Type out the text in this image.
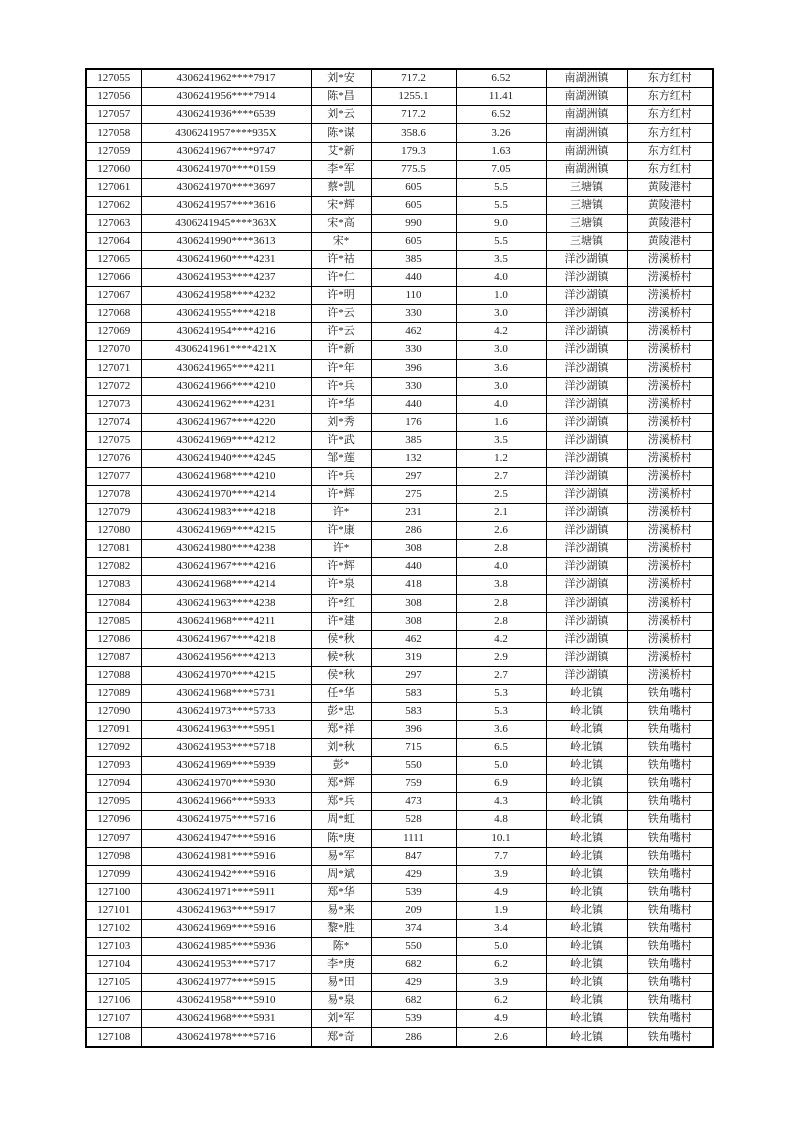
127055	4306241962****7917	刘*安	717.2	6.52	南湖洲镇	东方红村
127056	4306241956****7914	陈*昌	1255.1	11.41	南湖洲镇	东方红村
127057	4306241936****6539	刘*云	717.2	6.52	南湖洲镇	东方红村
127058	4306241957****935X	陈*谋	358.6	3.26	南湖洲镇	东方红村
127059	4306241967****9747	艾*新	179.3	1.63	南湖洲镇	东方红村
127060	4306241970****0159	李*军	775.5	7.05	南湖洲镇	东方红村
127061	4306241970****3697	蔡*凯	605	5.5	三塘镇	黄陵港村
127062	4306241957****3616	宋*辉	605	5.5	三塘镇	黄陵港村
127063	4306241945****363X	宋*高	990	9.0	三塘镇	黄陵港村
127064	4306241990****3613	宋*	605	5.5	三塘镇	黄陵港村
127065	4306241960****4231	许*祜	385	3.5	洋沙湖镇	涝溪桥村
127066	4306241953****4237	许*仁	440	4.0	洋沙湖镇	涝溪桥村
127067	4306241958****4232	许*明	110	1.0	洋沙湖镇	涝溪桥村
127068	4306241955****4218	许*云	330	3.0	洋沙湖镇	涝溪桥村
127069	4306241954****4216	许*云	462	4.2	洋沙湖镇	涝溪桥村
127070	4306241961****421X	许*新	330	3.0	洋沙湖镇	涝溪桥村
127071	4306241965****4211	许*年	396	3.6	洋沙湖镇	涝溪桥村
127072	4306241966****4210	许*兵	330	3.0	洋沙湖镇	涝溪桥村
127073	4306241962****4231	许*华	440	4.0	洋沙湖镇	涝溪桥村
127074	4306241967****4220	刘*秀	176	1.6	洋沙湖镇	涝溪桥村
127075	4306241969****4212	许*武	385	3.5	洋沙湖镇	涝溪桥村
127076	4306241940****4245	邹*莲	132	1.2	洋沙湖镇	涝溪桥村
127077	4306241968****4210	许*兵	297	2.7	洋沙湖镇	涝溪桥村
127078	4306241970****4214	许*辉	275	2.5	洋沙湖镇	涝溪桥村
127079	4306241983****4218	许*	231	2.1	洋沙湖镇	涝溪桥村
127080	4306241969****4215	许*康	286	2.6	洋沙湖镇	涝溪桥村
127081	4306241980****4238	许*	308	2.8	洋沙湖镇	涝溪桥村
127082	4306241967****4216	许*辉	440	4.0	洋沙湖镇	涝溪桥村
127083	4306241968****4214	许*泉	418	3.8	洋沙湖镇	涝溪桥村
127084	4306241963****4238	许*红	308	2.8	洋沙湖镇	涝溪桥村
127085	4306241968****4211	许*建	308	2.8	洋沙湖镇	涝溪桥村
127086	4306241967****4218	侯*秋	462	4.2	洋沙湖镇	涝溪桥村
127087	4306241956****4213	候*秋	319	2.9	洋沙湖镇	涝溪桥村
127088	4306241970****4215	侯*秋	297	2.7	洋沙湖镇	涝溪桥村
127089	4306241968****5731	任*华	583	5.3	岭北镇	铁角嘴村
127090	4306241973****5733	彭*忠	583	5.3	岭北镇	铁角嘴村
127091	4306241963****5951	郑*祥	396	3.6	岭北镇	铁角嘴村
127092	4306241953****5718	刘*秋	715	6.5	岭北镇	铁角嘴村
127093	4306241969****5939	彭*	550	5.0	岭北镇	铁角嘴村
127094	4306241970****5930	郑*辉	759	6.9	岭北镇	铁角嘴村
127095	4306241966****5933	郑*兵	473	4.3	岭北镇	铁角嘴村
127096	4306241975****5716	周*虹	528	4.8	岭北镇	铁角嘴村
127097	4306241947****5916	陈*庚	1111	10.1	岭北镇	铁角嘴村
127098	4306241981****5916	易*军	847	7.7	岭北镇	铁角嘴村
127099	4306241942****5916	周*斌	429	3.9	岭北镇	铁角嘴村
127100	4306241971****5911	郑*华	539	4.9	岭北镇	铁角嘴村
127101	4306241963****5917	易*来	209	1.9	岭北镇	铁角嘴村
127102	4306241969****5916	黎*胜	374	3.4	岭北镇	铁角嘴村
127103	4306241985****5936	陈*	550	5.0	岭北镇	铁角嘴村
127104	4306241953****5717	李*庚	682	6.2	岭北镇	铁角嘴村
127105	4306241977****5915	易*田	429	3.9	岭北镇	铁角嘴村
127106	4306241958****5910	易*泉	682	6.2	岭北镇	铁角嘴村
127107	4306241968****5931	刘*军	539	4.9	岭北镇	铁角嘴村
127108	4306241978****5716	郑*奇	286	2.6	岭北镇	铁角嘴村
